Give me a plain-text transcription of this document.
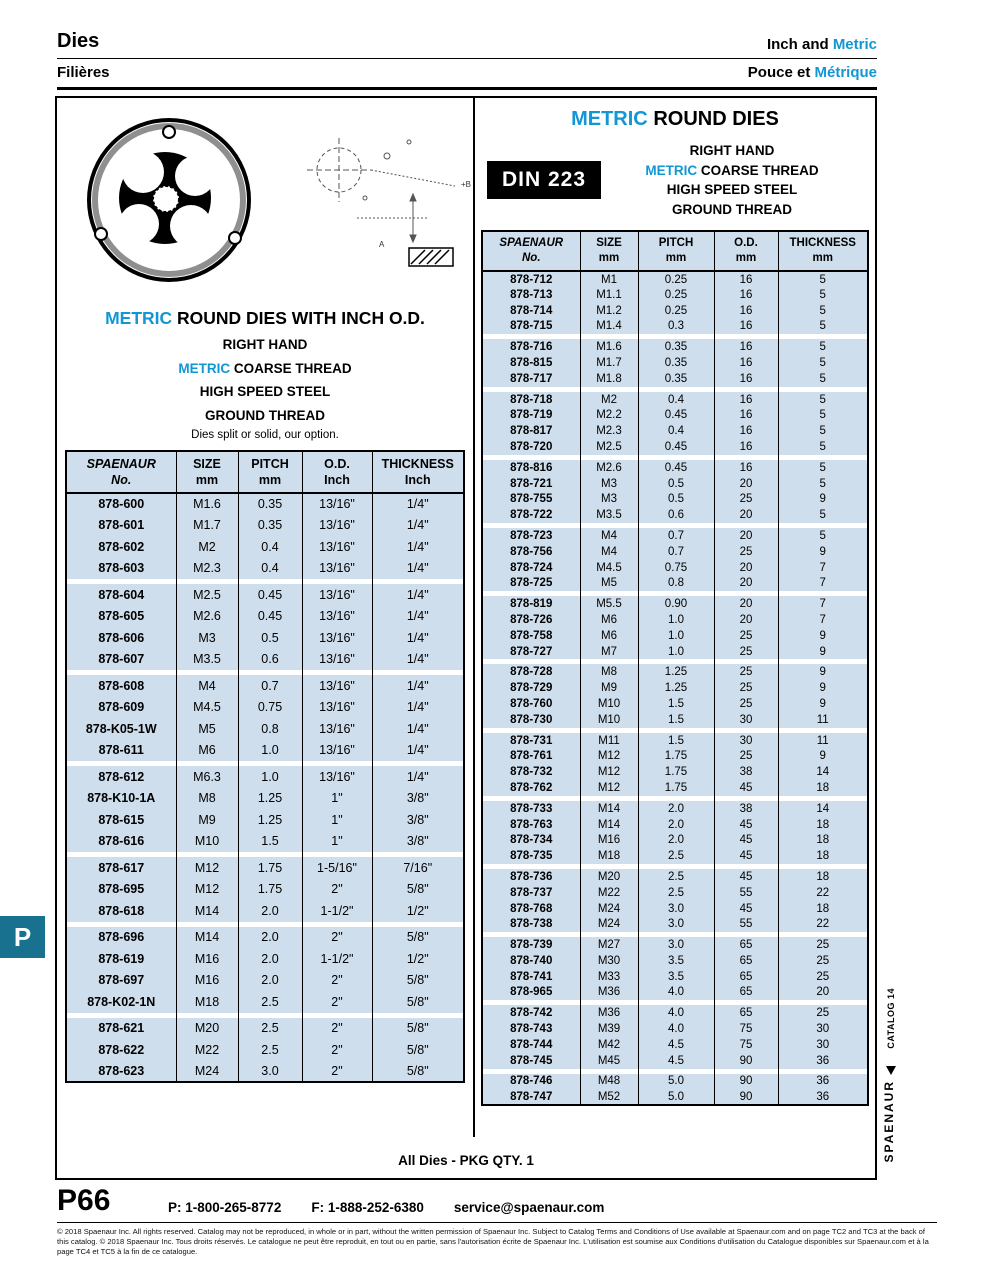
Dies	Inch and Metric
Filières	Pouce et Métrique
+B
A
METRIC ROUND DIES WITH INCH O.D.
RIGHT HAND
METRIC COARSE THREAD
HIGH SPEED STEEL
GROUND THREAD
Dies split or solid, our option.
SPAENAUR
No.

SIZE
mm

PITCH
mm

O.D.
Inch

THICKNESS
Inch

878-600	M1.6	0.35	13/16"	1/4"
878-601	M1.7	0.35	13/16"	1/4"
878-602	M2	0.4	13/16"	1/4"
878-603	M2.3	0.4	13/16"	1/4"

878-604	M2.5	0.45	13/16"	1/4"
878-605	M2.6	0.45	13/16"	1/4"
878-606	M3	0.5	13/16"	1/4"
878-607	M3.5	0.6	13/16"	1/4"

878-608	M4	0.7	13/16"	1/4"
878-609	M4.5	0.75	13/16"	1/4"
878-K05-1W	M5	0.8	13/16"	1/4"
878-611	M6	1.0	13/16"	1/4"

878-612	M6.3	1.0	13/16"	1/4"
878-K10-1A	M8	1.25	1"	3/8"
878-615	M9	1.25	1"	3/8"
878-616	M10	1.5	1"	3/8"

878-617	M12	1.75	1-5/16"	7/16"
878-695	M12	1.75	2"	5/8"
878-618	M14	2.0	1-1/2"	1/2"

878-696	M14	2.0	2"	5/8"
878-619	M16	2.0	1-1/2"	1/2"
878-697	M16	2.0	2"	5/8"
878-K02-1N	M18	2.5	2"	5/8"

878-621	M20	2.5	2"	5/8"
878-622	M22	2.5	2"	5/8"
878-623	M24	3.0	2"	5/8"
METRIC ROUND DIES
DIN 223
RIGHT HAND
METRIC COARSE THREAD
HIGH SPEED STEEL
GROUND THREAD
SPAENAUR
No.

SIZE
mm

PITCH
mm

O.D.
mm

THICKNESS
mm

878-712	M1	0.25	16	5
878-713	M1.1	0.25	16	5
878-714	M1.2	0.25	16	5
878-715	M1.4	0.3	16	5

878-716	M1.6	0.35	16	5
878-815	M1.7	0.35	16	5
878-717	M1.8	0.35	16	5

878-718	M2	0.4	16	5
878-719	M2.2	0.45	16	5
878-817	M2.3	0.4	16	5
878-720	M2.5	0.45	16	5

878-816	M2.6	0.45	16	5
878-721	M3	0.5	20	5
878-755	M3	0.5	25	9
878-722	M3.5	0.6	20	5

878-723	M4	0.7	20	5
878-756	M4	0.7	25	9
878-724	M4.5	0.75	20	7
878-725	M5	0.8	20	7

878-819	M5.5	0.90	20	7
878-726	M6	1.0	20	7
878-758	M6	1.0	25	9
878-727	M7	1.0	25	9

878-728	M8	1.25	25	9
878-729	M9	1.25	25	9
878-760	M10	1.5	25	9
878-730	M10	1.5	30	11

878-731	M11	1.5	30	11
878-761	M12	1.75	25	9
878-732	M12	1.75	38	14
878-762	M12	1.75	45	18

878-733	M14	2.0	38	14
878-763	M14	2.0	45	18
878-734	M16	2.0	45	18
878-735	M18	2.5	45	18

878-736	M20	2.5	45	18
878-737	M22	2.5	55	22
878-768	M24	3.0	45	18
878-738	M24	3.0	55	22

878-739	M27	3.0	65	25
878-740	M30	3.5	65	25
878-741	M33	3.5	65	25
878-965	M36	4.0	65	20

878-742	M36	4.0	65	25
878-743	M39	4.0	75	30
878-744	M42	4.5	75	30
878-745	M45	4.5	90	36

878-746	M48	5.0	90	36
878-747	M52	5.0	90	36
All Dies - PKG QTY. 1
P
CATALOG 14
SPAENAUR
P66	P: 1-800-265-8772 F: 1-888-252-6380 service@spaenaur.com
© 2018 Spaenaur Inc. All rights reserved. Catalog may not be reproduced, in whole or in part, without the written permission of Spaenaur Inc. Subject to Catalog Terms and Conditions of Use available at Spaenaur.com and on page TC2 and TC3 at the back of this catalog. © 2018 Spaenaur Inc. Tous droits réservés. Le catalogue ne peut être reproduit, en tout ou en partie, sans l'autorisation écrite de Spaenaur Inc. L'utilisation est soumise aux Conditions d'utilisation du Catalogue disponibles sur Spaenaur.com et à la page TC4 et TC5 à la fin de ce catalogue.
